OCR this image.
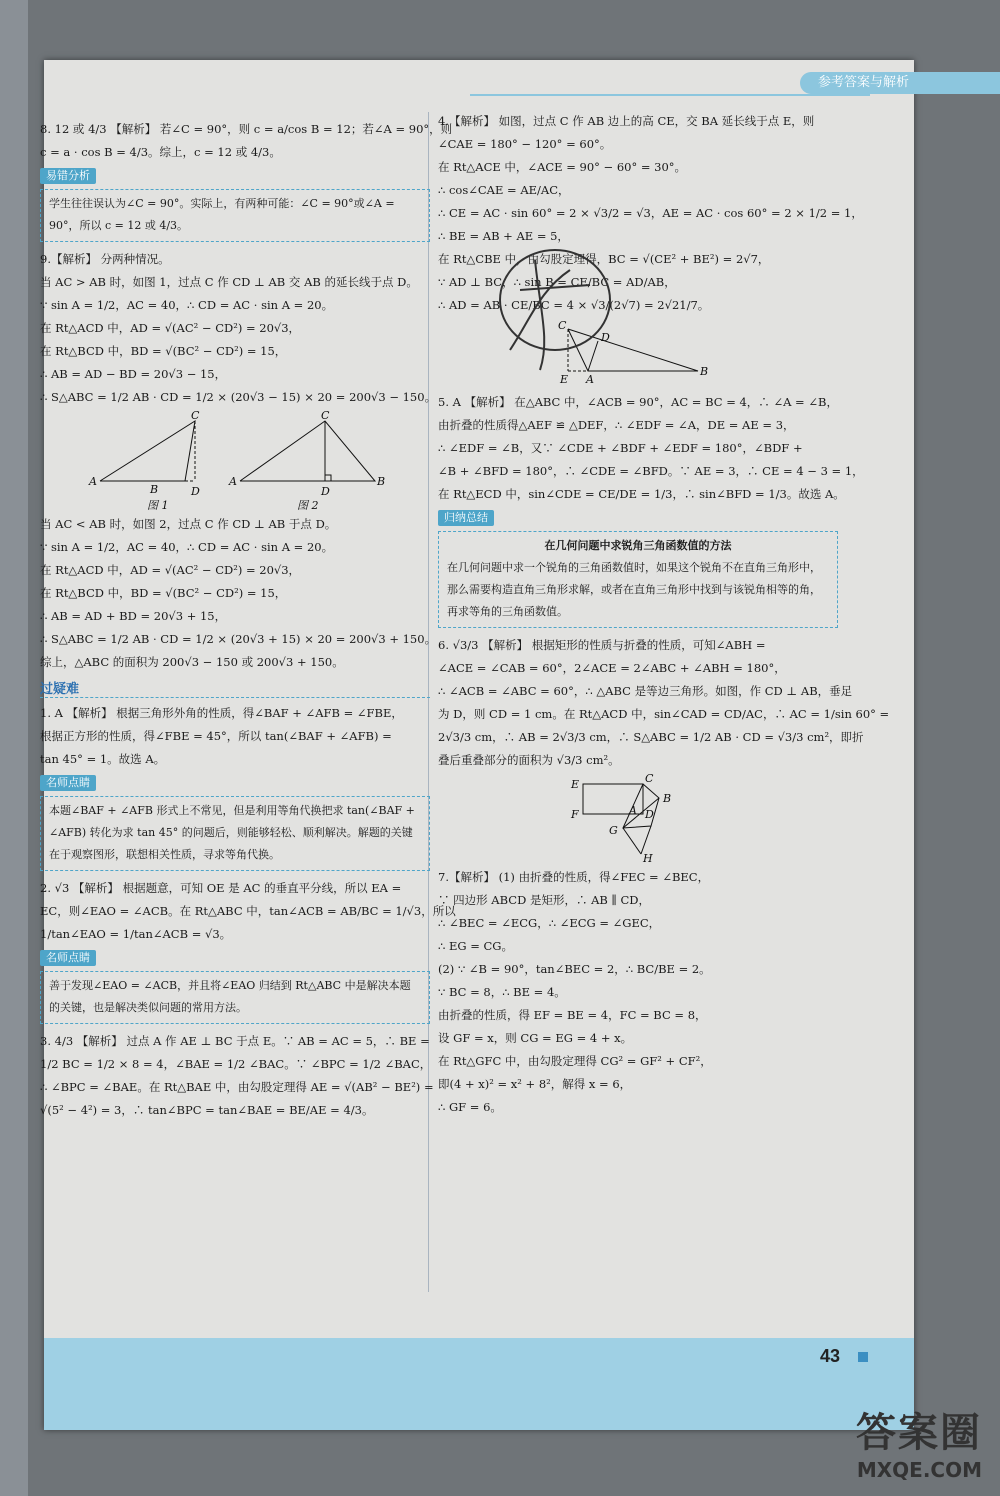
参考答案与解析

8. 12 或 4/3 【解析】 若∠C = 90°，则 c = a/cos B = 12；若∠A = 90°，则

c = a · cos B = 4/3。综上，c = 12 或 4/3。

易错分析

学生往往误认为∠C = 90°。实际上，有两种可能：∠C = 90°或∠A = 90°，所以 c = 12 或 4/3。

9.【解析】 分两种情况。

当 AC > AB 时，如图 1，过点 C 作 CD ⊥ AB 交 AB 的延长线于点 D。

∵ sin A = 1/2，AC = 40，∴ CD = AC · sin A = 20。

在 Rt△ACD 中，AD = √(AC² − CD²) = 20√3，

在 Rt△BCD 中，BD = √(BC² − CD²) = 15，

∴ AB = AD − BD = 20√3 − 15，

∴ S△ABC = 1/2 AB · CD = 1/2 × (20√3 − 15) × 20 = 200√3 − 150。

A
B
C
D
图 1
A
C
D
B
图 2

当 AC < AB 时，如图 2，过点 C 作 CD ⊥ AB 于点 D。

∵ sin A = 1/2，AC = 40，∴ CD = AC · sin A = 20。

在 Rt△ACD 中，AD = √(AC² − CD²) = 20√3，

在 Rt△BCD 中，BD = √(BC² − CD²) = 15，

∴ AB = AD + BD = 20√3 + 15，

∴ S△ABC = 1/2 AB · CD = 1/2 × (20√3 + 15) × 20 = 200√3 + 150。

综上，△ABC 的面积为 200√3 − 150 或 200√3 + 150。

过疑难

1. A 【解析】 根据三角形外角的性质，得∠BAF + ∠AFB = ∠FBE，

根据正方形的性质，得∠FBE = 45°，所以 tan(∠BAF + ∠AFB) =

tan 45° = 1。故选 A。

名师点睛

本题∠BAF + ∠AFB 形式上不常见，但是利用等角代换把求 tan(∠BAF + ∠AFB) 转化为求 tan 45° 的问题后，则能够轻松、顺利解决。解题的关键在于观察图形，联想相关性质，寻求等角代换。

2. √3 【解析】 根据题意，可知 OE 是 AC 的垂直平分线，所以 EA =

EC，则∠EAO = ∠ACB。在 Rt△ABC 中，tan∠ACB = AB/BC = 1/√3，所以

1/tan∠EAO = 1/tan∠ACB = √3。

名师点睛

善于发现∠EAO = ∠ACB，并且将∠EAO 归结到 Rt△ABC 中是解决本题的关键，也是解决类似问题的常用方法。

3. 4/3 【解析】 过点 A 作 AE ⊥ BC 于点 E。∵ AB = AC = 5，∴ BE =

1/2 BC = 1/2 × 8 = 4，∠BAE = 1/2 ∠BAC。∵ ∠BPC = 1/2 ∠BAC，

∴ ∠BPC = ∠BAE。在 Rt△BAE 中，由勾股定理得 AE = √(AB² − BE²) =

√(5² − 4²) = 3，∴ tan∠BPC = tan∠BAE = BE/AE = 4/3。

4.【解析】 如图，过点 C 作 AB 边上的高 CE，交 BA 延长线于点 E，则

∠CAE = 180° − 120° = 60°。

在 Rt△ACE 中，∠ACE = 90° − 60° = 30°。

∴ cos∠CAE = AE/AC，

∴ CE = AC · sin 60° = 2 × √3/2 = √3，AE = AC · cos 60° = 2 × 1/2 = 1，

∴ BE = AB + AE = 5，

在 Rt△CBE 中，由勾股定理得，BC = √(CE² + BE²) = 2√7，

∵ AD ⊥ BC，∴ sin B = CE/BC = AD/AB，

∴ AD = AB · CE/BC = 4 × √3/(2√7) = 2√21/7。

C
D
E A
B

5. A 【解析】 在△ABC 中，∠ACB = 90°，AC = BC = 4，∴ ∠A = ∠B，

由折叠的性质得△AEF ≌ △DEF，∴ ∠EDF = ∠A，DE = AE = 3，

∴ ∠EDF = ∠B，又∵ ∠CDE + ∠BDF + ∠EDF = 180°，∠BDF +

∠B + ∠BFD = 180°，∴ ∠CDE = ∠BFD。∵ AE = 3，∴ CE = 4 − 3 = 1，

在 Rt△ECD 中，sin∠CDE = CE/DE = 1/3，∴ sin∠BFD = 1/3。故选 A。

归纳总结

在几何问题中求锐角三角函数值的方法

在几何问题中求一个锐角的三角函数值时，如果这个锐角不在直角三角形中，那么需要构造直角三角形求解，或者在直角三角形中找到与该锐角相等的角，再求等角的三角函数值。

6. √3/3 【解析】 根据矩形的性质与折叠的性质，可知∠ABH =

∠ACE = ∠CAB = 60°，2∠ACE = 2∠ABC + ∠ABH = 180°，

∴ ∠ACB = ∠ABC = 60°，∴ △ABC 是等边三角形。如图，作 CD ⊥ AB，垂足

为 D，则 CD = 1 cm。在 Rt△ACD 中，sin∠CAD = CD/AC，∴ AC = 1/sin 60° =

2√3/3 cm，∴ AB = 2√3/3 cm，∴ S△ABC = 1/2 AB · CD = √3/3 cm²，即折

叠后重叠部分的面积为 √3/3 cm²。

E	C
F
B
A D
G
H

7.【解析】 (1) 由折叠的性质，得∠FEC = ∠BEC，

∵ 四边形 ABCD 是矩形，∴ AB ∥ CD，

∴ ∠BEC = ∠ECG，∴ ∠ECG = ∠GEC，

∴ EG = CG。

(2) ∵ ∠B = 90°，tan∠BEC = 2，∴ BC/BE = 2。

∵ BC = 8，∴ BE = 4。

由折叠的性质，得 EF = BE = 4，FC = BC = 8，

设 GF = x，则 CG = EG = 4 + x。

在 Rt△GFC 中，由勾股定理得 CG² = GF² + CF²，

即(4 + x)² = x² + 8²，解得 x = 6，

∴ GF = 6。

43
答案圈
MXQE.COM
